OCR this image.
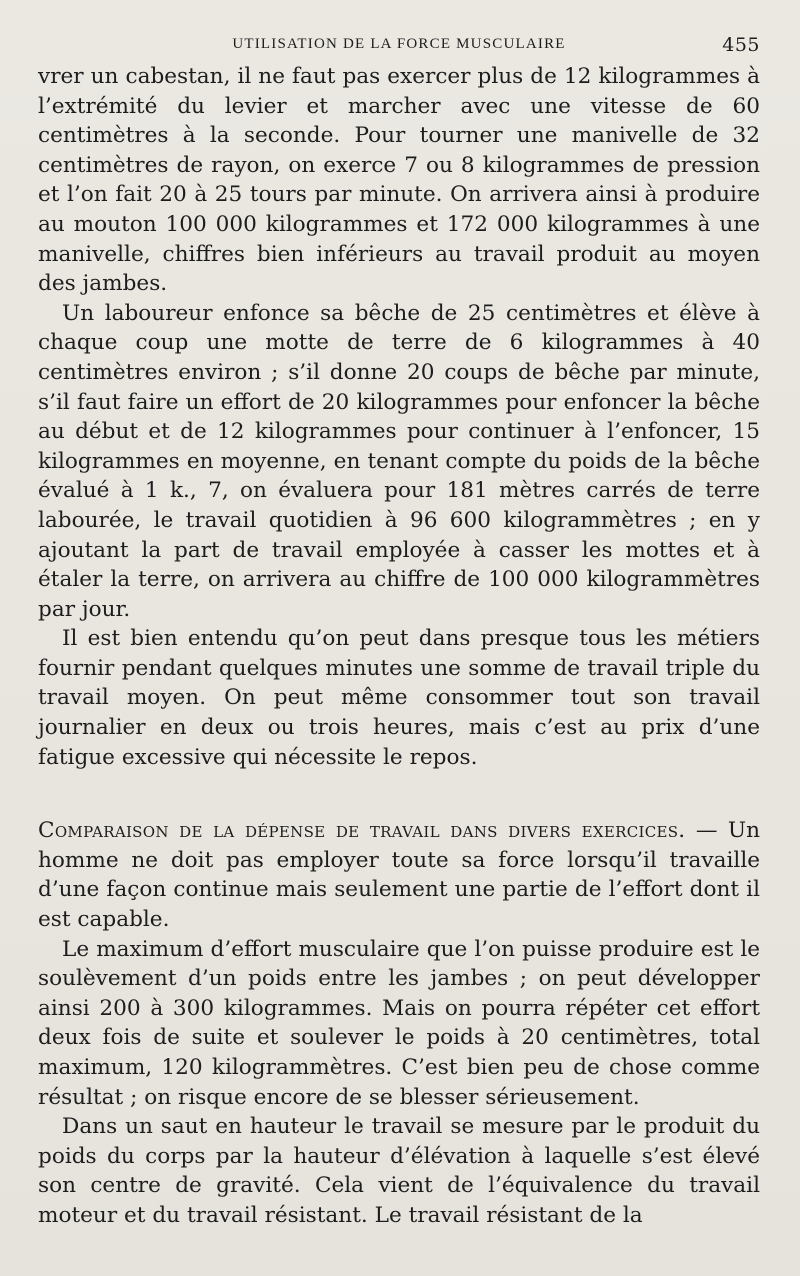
UTILISATION DE LA FORCE MUSCULAIRE	455

vrer un cabestan, il ne faut pas exercer plus de 12 kilogrammes à l’extrémité du levier et marcher avec une vitesse de 60 centimètres à la seconde. Pour tourner une manivelle de 32 centimètres de rayon, on exerce 7 ou 8 kilogrammes de pression et l’on fait 20 à 25 tours par minute. On arrivera ainsi à produire au mouton 100 000 kilogrammes et 172 000 kilogrammes à une manivelle, chiffres bien inférieurs au travail produit au moyen des jambes.

Un laboureur enfonce sa bêche de 25 centimètres et élève à chaque coup une motte de terre de 6 kilogrammes à 40 centimètres environ ; s’il donne 20 coups de bêche par minute, s’il faut faire un effort de 20 kilogrammes pour enfoncer la bêche au début et de 12 kilogrammes pour continuer à l’enfoncer, 15 kilogrammes en moyenne, en tenant compte du poids de la bêche évalué à 1 k., 7, on évaluera pour 181 mètres carrés de terre labourée, le travail quotidien à 96 600 kilogrammètres ; en y ajoutant la part de travail employée à casser les mottes et à étaler la terre, on arrivera au chiffre de 100 000 kilogrammètres par jour.

Il est bien entendu qu’on peut dans presque tous les métiers fournir pendant quelques minutes une somme de travail triple du travail moyen. On peut même consommer tout son travail journalier en deux ou trois heures, mais c’est au prix d’une fatigue excessive qui nécessite le repos.

Comparaison de la dépense de travail dans divers exercices. — Un homme ne doit pas employer toute sa force lorsqu’il travaille d’une façon continue mais seulement une partie de l’effort dont il est capable.

Le maximum d’effort musculaire que l’on puisse produire est le soulèvement d’un poids entre les jambes ; on peut développer ainsi 200 à 300 kilogrammes. Mais on pourra répéter cet effort deux fois de suite et soulever le poids à 20 centimètres, total maximum, 120 kilogrammètres. C’est bien peu de chose comme résultat ; on risque encore de se blesser sérieusement.

Dans un saut en hauteur le travail se mesure par le produit du poids du corps par la hauteur d’élévation à laquelle s’est élevé son centre de gravité. Cela vient de l’équivalence du travail moteur et du travail résistant. Le travail résistant de la
